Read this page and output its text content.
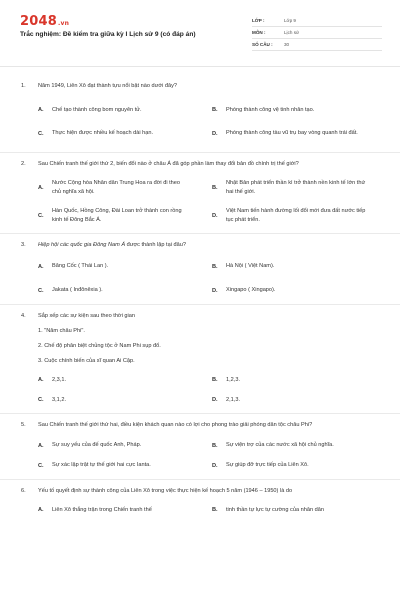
2048.vn
Trắc nghiệm: Đề kiểm tra giữa kỳ I Lịch sử 9 (có đáp án)
LỚP :	Lớp 9
MÔN :	Lịch sử
SỐ CÂU :	30
1. Năm 1949, Liên Xô đạt thành tựu nổi bật nào dưới đây?
A.	Chế tạo thành công bom nguyên tử.	B.	Phóng thành công vệ tinh nhân tạo.
C.	Thực hiện được nhiều kế hoạch dài hạn.	D.	Phóng thành công tàu vũ trụ bay vòng quanh trái đất.
2. Sau Chiến tranh thế giới thứ 2, biến đổi nào ở châu Á đã góp phần làm thay đổi bản đồ chính trị thế giới?
A.
Nước Cộng hòa Nhân dân Trung Hoa ra đời đi theo chủ nghĩa xã hội.
B.
Nhật Bản phát triển thần kì trở thành nền kinh tế lớn thứ hai thế giới.
C.
Hàn Quốc, Hồng Công, Đài Loan trở thành con rồng kinh tế Đông Bắc Á.
D.
Việt Nam tiến hành đường lối đổi mới đưa đất nước tiếp tục phát triển.
3. Hiệp hội các quốc gia Đông Nam Á được thành lập tại đâu?
A.	Băng Cốc ( Thái Lan ).	B.	Hà Nội ( Việt Nam).
C.	Jakata ( Inđônêxia ).	D.	Xingapo ( Xingapo).
4. Sắp xếp các sự kiện sau theo thời gian
1. "Năm châu Phi".
2. Chế độ phân biệt chủng tộc ở Nam Phi sụp đổ.
3. Cuộc chính biến của sĩ quan Ai Cập.
A.	2,3,1.	B.	1,2,3.
C.	3,1,2.	D.	2,1,3.
5. Sau Chiến tranh thế giới thứ hai, điều kiện khách quan nào có lợi cho phong trào giải phóng dân tộc châu Phi?
A.	Sự suy yếu của đế quốc Anh, Pháp.	B.	Sự viện trợ của các nước xã hội chủ nghĩa.
C.	Sự xác lập trật tự thế giới hai cực Ianta.	D.	Sự giúp đỡ trực tiếp của Liên Xô.
6. Yếu tố quyết định sự thành công của Liên Xô trong việc thực hiện kế hoạch 5 năm (1946 – 1950) là do
A.	Liên Xô thắng trận trong Chiến tranh thế	B.	tinh thần tự lực tự cường của nhân dân
